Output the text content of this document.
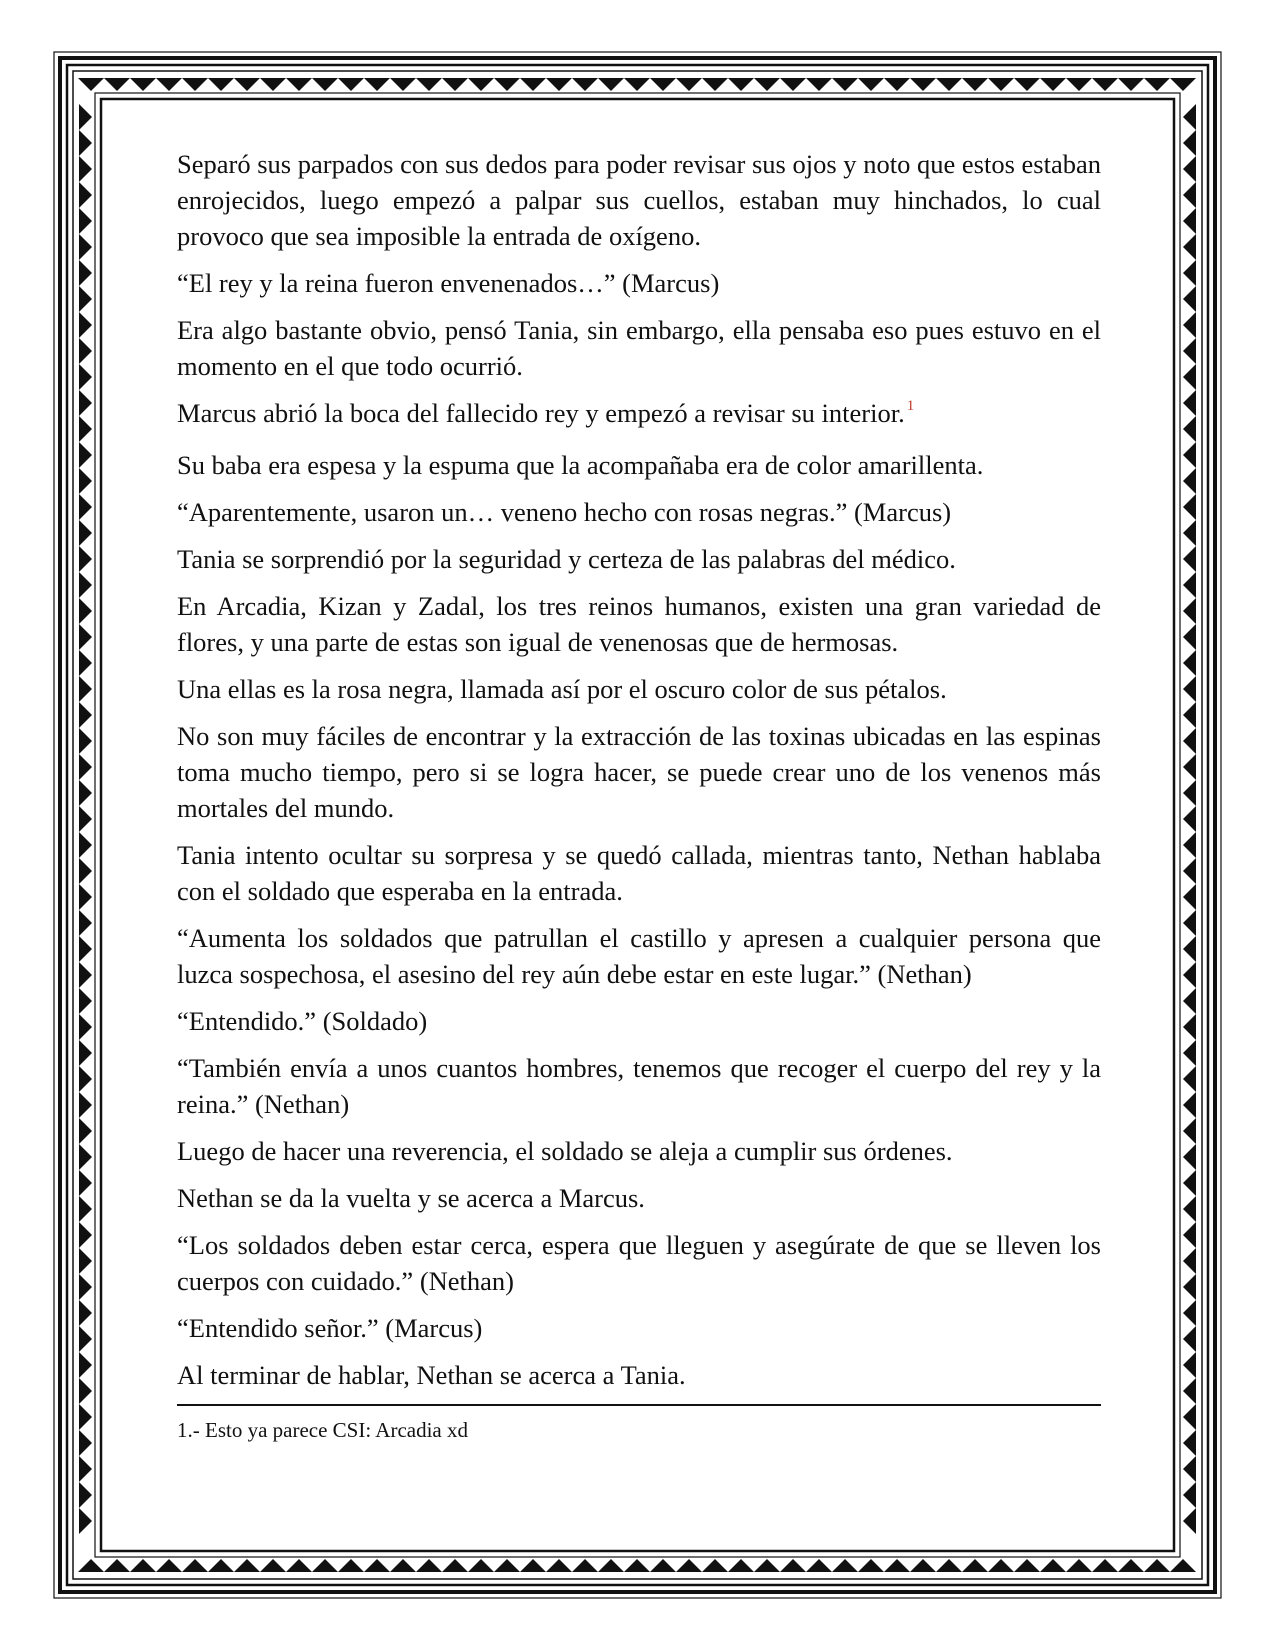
Separó sus parpados con sus dedos para poder revisar sus ojos y noto que estos estaban enrojecidos, luego empezó a palpar sus cuellos, estaban muy hinchados, lo cual provoco que sea imposible la entrada de oxígeno.

“El rey y la reina fueron envenenados…” (Marcus)

Era algo bastante obvio, pensó Tania, sin embargo, ella pensaba eso pues estuvo en el momento en el que todo ocurrió.

Marcus abrió la boca del fallecido rey y empezó a revisar su interior. $^1$

Su baba era espesa y la espuma que la acompañaba era de color amarillenta.

“Aparentemente, usaron un… veneno hecho con rosas negras.” (Marcus)

Tania se sorprendió por la seguridad y certeza de las palabras del médico.

En Arcadia, Kizan y Zadal, los tres reinos humanos, existen una gran variedad de flores, y una parte de estas son igual de venenosas que de hermosas.

Una ellas es la rosa negra, llamada así por el oscuro color de sus pétalos.

No son muy fáciles de encontrar y la extracción de las toxinas ubicadas en las espinas toma mucho tiempo, pero si se logra hacer, se puede crear uno de los venenos más mortales del mundo.

Tania intento ocultar su sorpresa y se quedó callada, mientras tanto, Nethan hablaba con el soldado que esperaba en la entrada.

“Aumenta los soldados que patrullan el castillo y apresen a cualquier persona que luzca sospechosa, el asesino del rey aún debe estar en este lugar.” (Nethan)

“Entendido.” (Soldado)

“También envía a unos cuantos hombres, tenemos que recoger el cuerpo del rey y la reina.” (Nethan)

Luego de hacer una reverencia, el soldado se aleja a cumplir sus órdenes.

Nethan se da la vuelta y se acerca a Marcus.

“Los soldados deben estar cerca, espera que lleguen y asegúrate de que se lleven los cuerpos con cuidado.” (Nethan)

“Entendido señor.” (Marcus)

Al terminar de hablar, Nethan se acerca a Tania.

1.- Esto ya parece CSI: Arcadia xd
